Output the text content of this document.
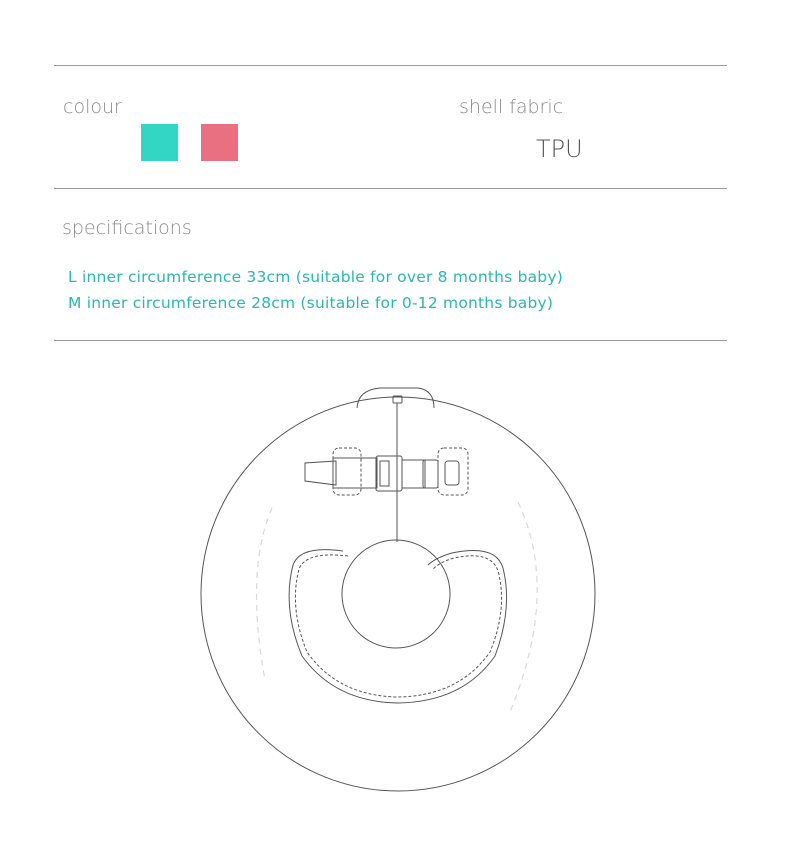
colour	shell fabric
TPU
specifications
L inner circumference 33cm (suitable for over 8 months baby)
M inner circumference 28cm (suitable for 0-12 months baby)
